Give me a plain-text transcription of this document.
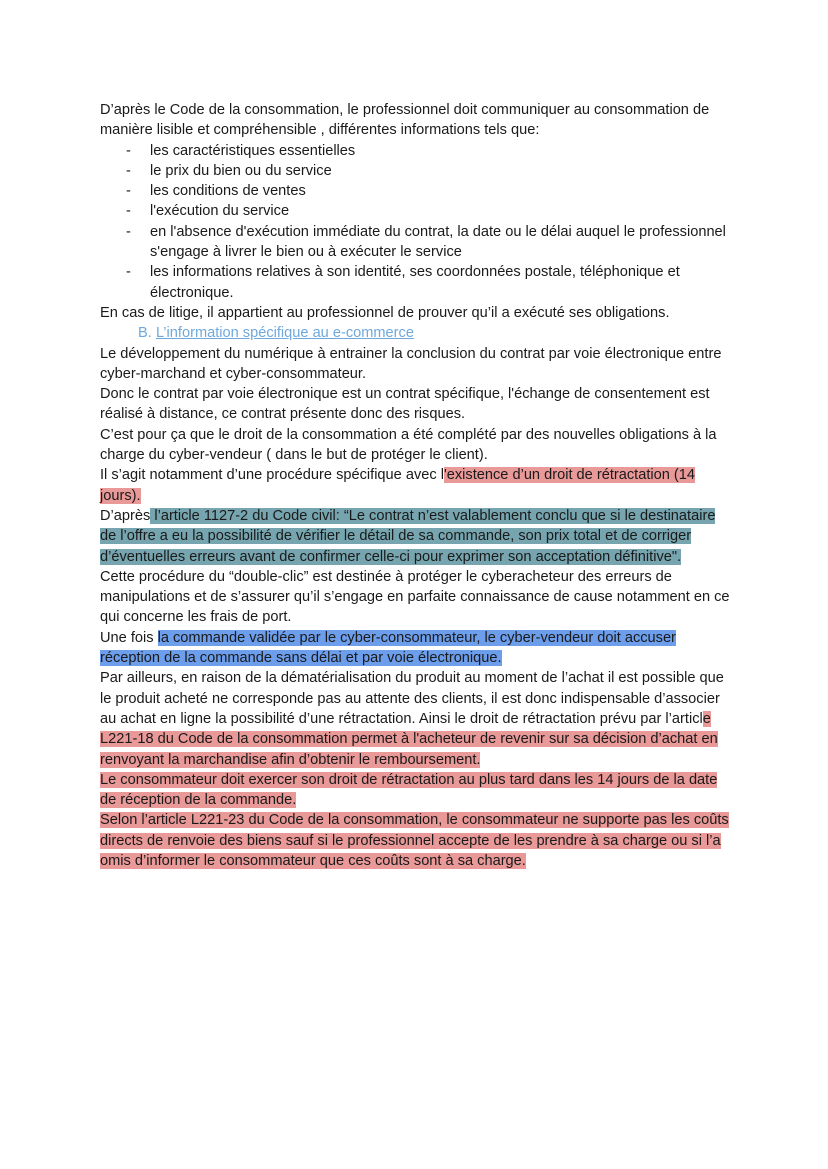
D’après le Code de la consommation, le professionnel doit communiquer au consommation de manière lisible et compréhensible , différentes informations tels que:

- les caractéristiques essentielles
- le prix du bien ou du service
- les conditions de ventes
- l'exécution du service
- en l'absence d'exécution immédiate du contrat, la date ou le délai auquel le professionnel s'engage à livrer le bien ou à exécuter le service
- les informations relatives à son identité, ses coordonnées postale, téléphonique et électronique.

En cas de litige, il appartient au professionnel de prouver qu’il a exécuté ses obligations.

B. L’information spécifique au e-commerce

Le développement du numérique à entrainer la conclusion du contrat par voie électronique entre cyber-marchand et cyber-consommateur.

Donc le contrat par voie électronique est un contrat spécifique, l'échange de consentement est réalisé à distance, ce contrat présente donc des risques.

C’est pour ça que le droit de la consommation a été complété par des nouvelles obligations à la charge du cyber-vendeur ( dans le but de protéger le client).

Il s’agit notamment d’une procédure spécifique avec l'existence d’un droit de rétractation (14 jours).

D’après l’article 1127-2 du Code civil: “Le contrat n’est valablement conclu que si le destinataire de l’offre a eu la possibilité de vérifier le détail de sa commande, son prix total et de corriger d’éventuelles erreurs avant de confirmer celle-ci pour exprimer son acceptation définitive".

Cette procédure du “double-clic” est destinée à protéger le cyberacheteur des erreurs de manipulations et de s’assurer qu’il s’engage en parfaite connaissance de cause notamment en ce qui concerne les frais de port.

Une fois la commande validée par le cyber-consommateur, le cyber-vendeur doit accuser réception de la commande sans délai et par voie électronique.

Par ailleurs, en raison de la dématérialisation du produit au moment de l’achat il est possible que le produit acheté ne corresponde pas au attente des clients, il est donc indispensable d’associer au achat en ligne la possibilité d’une rétractation. Ainsi le droit de rétractation prévu par l’article L221-18 du Code de la consommation permet à l'acheteur de revenir sur sa décision d’achat en renvoyant la marchandise afin d’obtenir le remboursement.

Le consommateur doit exercer son droit de rétractation au plus tard dans les 14 jours de la date de réception de la commande.

Selon l’article L221-23 du Code de la consommation, le consommateur ne supporte pas les coûts directs de renvoie des biens sauf si le professionnel accepte de les prendre à sa charge ou si l’a omis d’informer le consommateur que ces coûts sont à sa charge.
